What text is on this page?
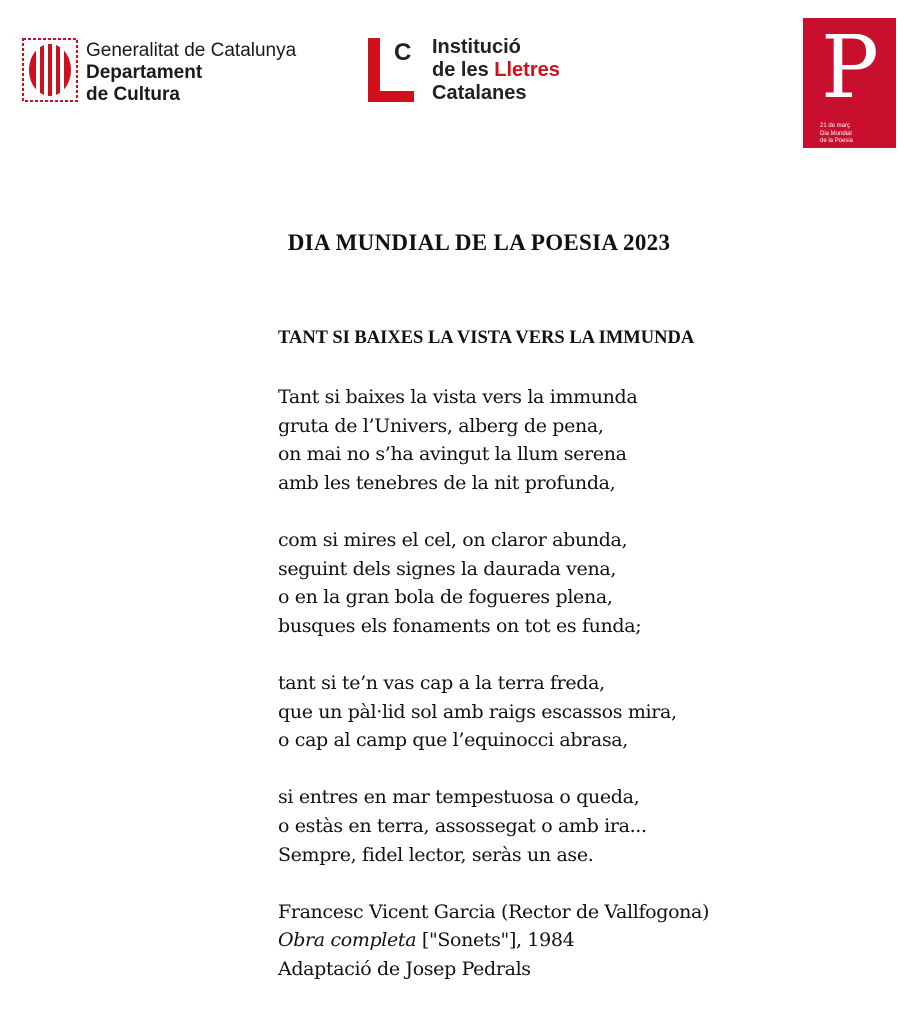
Generalitat de Catalunya
Departament
de Cultura
C Institució
de les Lletres
Catalanes	P
21 de març
Dia Mundial
de la Poesia
DIA MUNDIAL DE LA POESIA 2023
TANT SI BAIXES LA VISTA VERS LA IMMUNDA
Tant si baixes la vista vers la immunda
gruta de l’Univers, alberg de pena,
on mai no s’ha avingut la llum serena
amb les tenebres de la nit profunda,
com si mires el cel, on claror abunda,
seguint dels signes la daurada vena,
o en la gran bola de fogueres plena,
busques els fonaments on tot es funda;
tant si te’n vas cap a la terra freda,
que un pàl·lid sol amb raigs escassos mira,
o cap al camp que l’equinocci abrasa,
si entres en mar tempestuosa o queda,
o estàs en terra, assossegat o amb ira...
Sempre, fidel lector, seràs un ase.
Francesc Vicent Garcia (Rector de Vallfogona)
Obra completa ["Sonets"], 1984
Adaptació de Josep Pedrals
